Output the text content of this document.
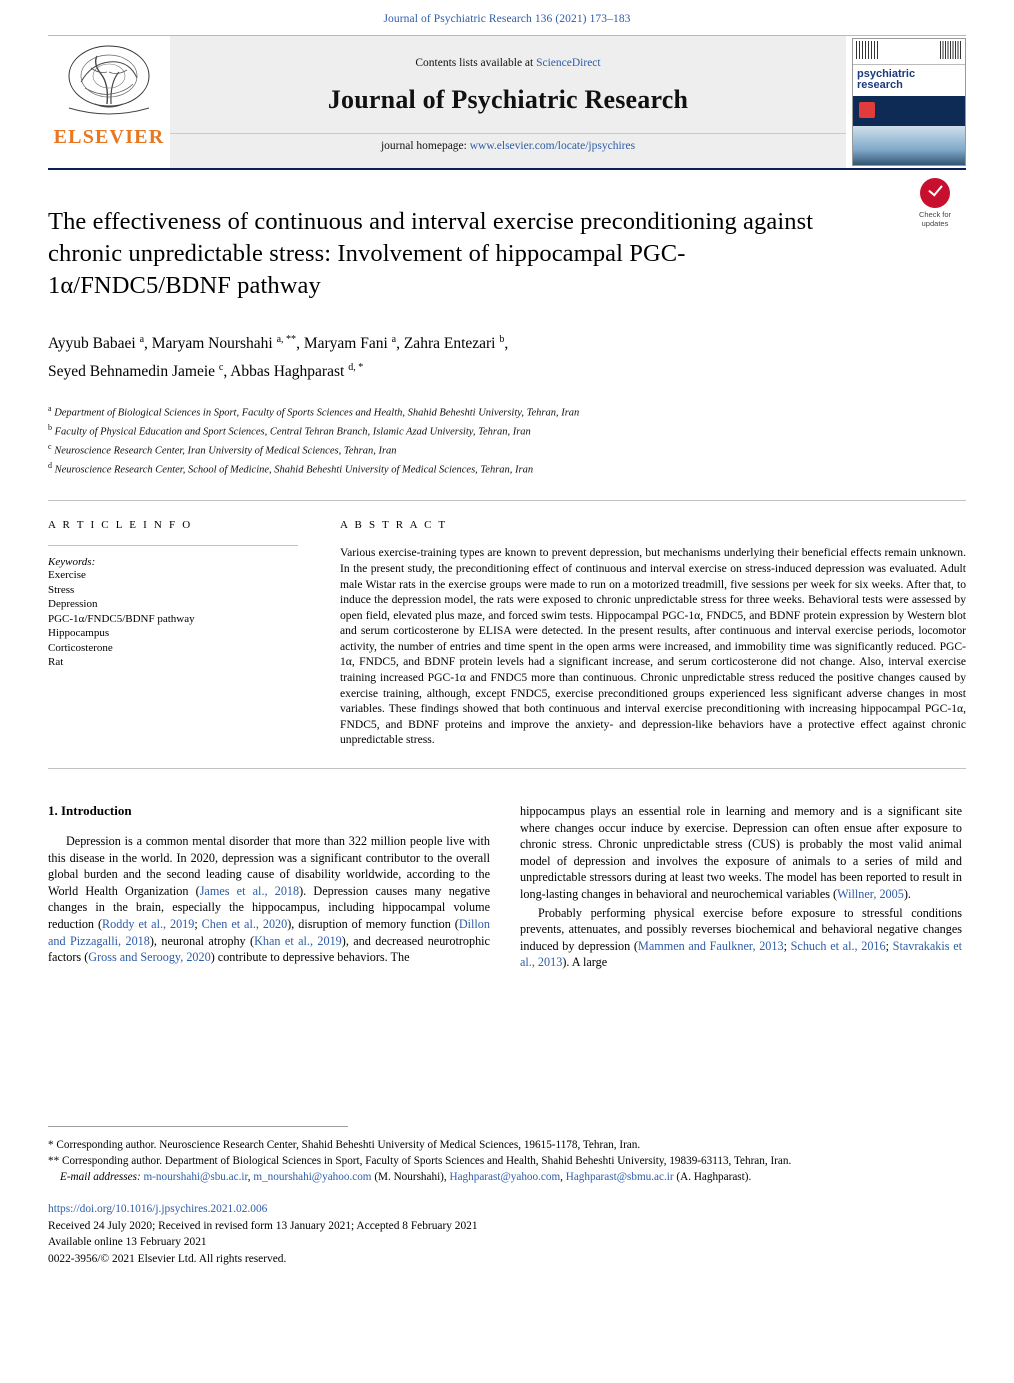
Journal of Psychiatric Research 136 (2021) 173–183
ELSEVIER
Contents lists available at ScienceDirect
Journal of Psychiatric Research
journal homepage: www.elsevier.com/locate/jpsychires
psychiatric research
Check for
updates
The effectiveness of continuous and interval exercise preconditioning against chronic unpredictable stress: Involvement of hippocampal PGC-1α/FNDC5/BDNF pathway
Ayyub Babaei $^a$, Maryam Nourshahi $^{a, **}$, Maryam Fani $^a$, Zahra Entezari $^b$,
Seyed Behnamedin Jameie $^c$, Abbas Haghparast $^{d, *}$
$^a$ Department of Biological Sciences in Sport, Faculty of Sports Sciences and Health, Shahid Beheshti University, Tehran, Iran
$^b$ Faculty of Physical Education and Sport Sciences, Central Tehran Branch, Islamic Azad University, Tehran, Iran
$^c$ Neuroscience Research Center, Iran University of Medical Sciences, Tehran, Iran
$^d$ Neuroscience Research Center, School of Medicine, Shahid Beheshti University of Medical Sciences, Tehran, Iran
A R T I C L E I N F O
Keywords:
Exercise
Stress
Depression
PGC-1α/FNDC5/BDNF pathway
Hippocampus
Corticosterone
Rat
A B S T R A C T

Various exercise-training types are known to prevent depression, but mechanisms underlying their beneficial effects remain unknown. In the present study, the preconditioning effect of continuous and interval exercise on stress-induced depression was evaluated. Adult male Wistar rats in the exercise groups were made to run on a motorized treadmill, five sessions per week for six weeks. After that, to induce the depression model, the rats were exposed to chronic unpredictable stress for three weeks. Behavioral tests were assessed by open field, elevated plus maze, and forced swim tests. Hippocampal PGC-1α, FNDC5, and BDNF protein expression by Western blot and serum corticosterone by ELISA were detected. In the present results, after continuous and interval exercise periods, locomotor activity, the number of entries and time spent in the open arms were increased, and immobility time was significantly reduced. PGC-1α, FNDC5, and BDNF protein levels had a significant increase, and serum corticosterone did not change. Also, interval exercise training increased PGC-1α and FNDC5 more than continuous. Chronic unpredictable stress reduced the positive changes caused by exercise training, although, except FNDC5, exercise preconditioned groups experienced less significant adverse changes in most variables. These findings showed that both continuous and interval exercise preconditioning with increasing hippocampal PGC-1α, FNDC5, and BDNF proteins and improve the anxiety- and depression-like behaviors have a protective effect against chronic unpredictable stress.

1. Introduction

Depression is a common mental disorder that more than 322 million people live with this disease in the world. In 2020, depression was a significant contributor to the overall global burden and the second leading cause of disability worldwide, according to the World Health Organization (James et al., 2018). Depression causes many negative changes in the brain, especially the hippocampus, including hippocampal volume reduction (Roddy et al., 2019; Chen et al., 2020), disruption of memory function (Dillon and Pizzagalli, 2018), neuronal atrophy (Khan et al., 2019), and decreased neurotrophic factors (Gross and Seroogy, 2020) contribute to depressive behaviors. The

hippocampus plays an essential role in learning and memory and is a significant site where changes occur induce by exercise. Depression can often ensue after exposure to chronic stress. Chronic unpredictable stress (CUS) is probably the most valid animal model of depression and involves the exposure of animals to a series of mild and unpredictable stressors during at least two weeks. The model has been reported to result in long-lasting changes in behavioral and neurochemical variables (Willner, 2005).

Probably performing physical exercise before exposure to stressful conditions prevents, attenuates, and possibly reverses biochemical and behavioral negative changes induced by depression (Mammen and Faulkner, 2013; Schuch et al., 2016; Stavrakakis et al., 2013). A large

* Corresponding author. Neuroscience Research Center, Shahid Beheshti University of Medical Sciences, 19615-1178, Tehran, Iran.
** Corresponding author. Department of Biological Sciences in Sport, Faculty of Sports Sciences and Health, Shahid Beheshti University, 19839-63113, Tehran, Iran.
E-mail addresses: m-nourshahi@sbu.ac.ir, m_nourshahi@yahoo.com (M. Nourshahi), Haghparast@yahoo.com, Haghparast@sbmu.ac.ir (A. Haghparast).
https://doi.org/10.1016/j.jpsychires.2021.02.006
Received 24 July 2020; Received in revised form 13 January 2021; Accepted 8 February 2021
Available online 13 February 2021
0022-3956/© 2021 Elsevier Ltd. All rights reserved.
